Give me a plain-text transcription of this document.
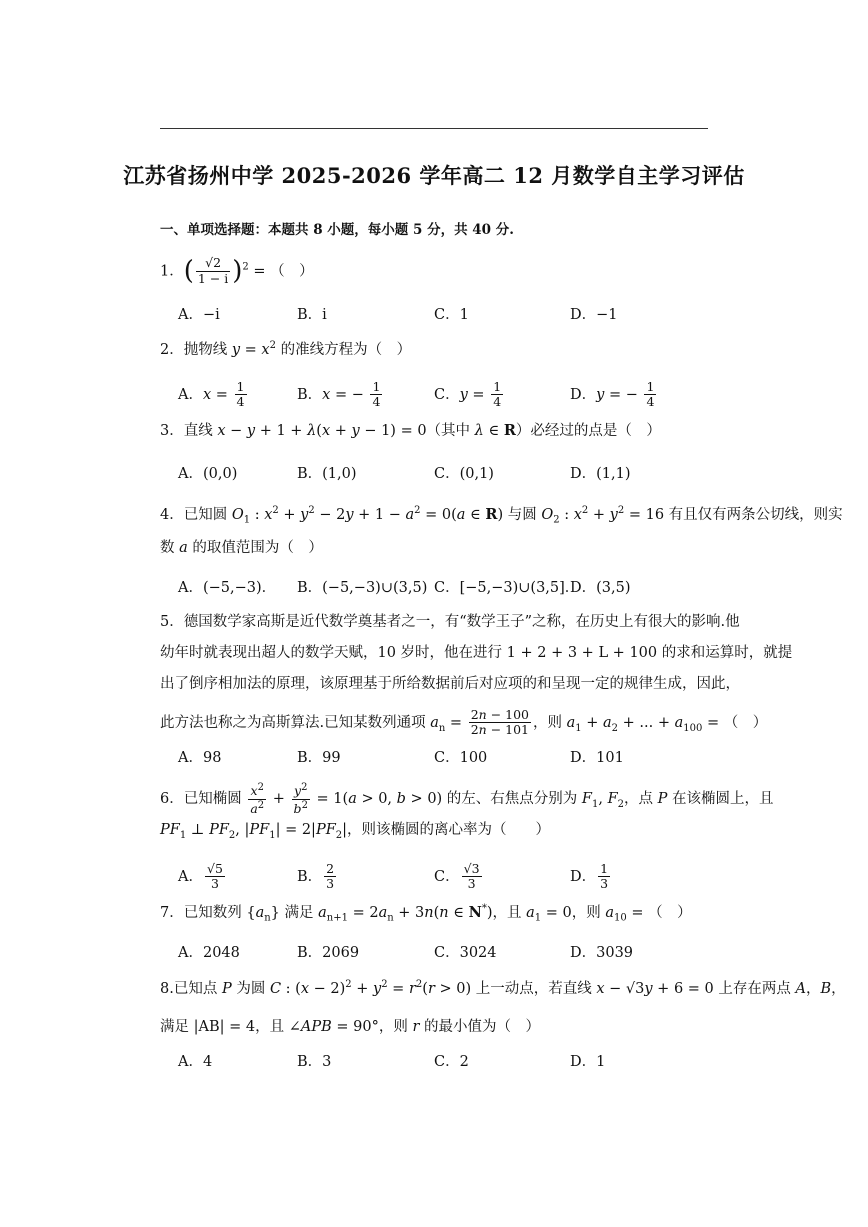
江苏省扬州中学 2025-2026 学年高二 12 月数学自主学习评估
一、单项选择题：本题共 8 小题，每小题 5 分，共 40 分.
1．( $\frac{√2}{1 - i} )^2$ = （　）
A．−i	B．i	C．1	D．−1
2．抛物线 $y = x^2$ 的准线方程为（　）
A．$x = \frac{1}{4}$	B．x = − $\frac{1}{4}$	C．$y = \frac{1}{4}$	D．y = − $\frac{1}{4}$
3．直线 x − y + 1 + λ(x + y − 1) = 0（其中 λ ∈ R）必经过的点是（　）
A．(0,0)	B．(1,0)	C．(0,1)	D．(1,1)
4．已知圆 $O_1$ : $x^2 + y^2 - 2y + 1 - a^2 = 0(a$ ∈ R) 与圆 $O_2$ : $x^2 + y^2 = 16$ 有且仅有两条公切线，则实
数 a 的取值范围为（　）
A．(−5,−3)． B．(−5,−3)∪(3,5) C．[−5,−3)∪(3,5]．
D．(3,5)
5．德国数学家高斯是近代数学奠基者之一，有“数学王子”之称，在历史上有很大的影响.他
幼年时就表现出超人的数学天赋，10 岁时，他在进行 1 + 2 + 3 + L + 100 的求和运算时，就提
出了倒序相加法的原理，该原理基于所给数据前后对应项的和呈现一定的规律生成，因此，
此方法也称之为高斯算法.已知某数列通项 $a_n = \frac{2n - 100}{2n - 101}$ ，则 $a_1 + a_2$ + ... + $a_{100}$ = （　）
A．98	B．99	C．100	D．101
6．已知椭圆 $\frac{x^2}{a^2} + \frac{y^2}{b^2} = 1(a > 0$, b > 0) 的左、右焦点分别为 $F_1$, $F_2$，点 P 在该椭圆上，且
$PF_1$ ⊥ $PF_2$, $|PF_1| = 2|PF_2|$，则该椭圆的离心率为（　　）
A． $\frac{√5}{3}$	B． $\frac{2}{3}$	C． $\frac{√3}{3}$	D． $\frac{1}{3}$
7．已知数列 $\{a_n\}$ 满足 $a_{n+1} = 2a_n + 3n(n$ ∈ N*)，且 $a_1 = 0$，则 $a_{10}$ = （　）
A．2048	B．2069	C．3024	D．3039
8.已知点 P 为圆 C : $(x - 2)^2 + y^2 = r^2(r > 0)$ 上一动点，若直线 x − √3y + 6 = 0 上存在两点 A，B，
满足 |AB| = 4，且 ∠APB = 90°，则 r 的最小值为（　）
A．4	B．3	C．2	D．1
